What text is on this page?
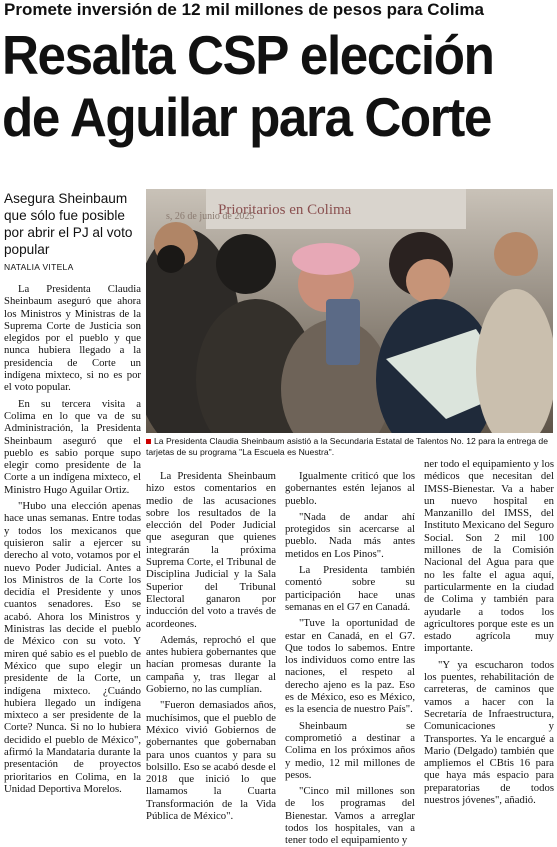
Promete inversión de 12 mil millones de pesos para Colima
Resalta CSP elección
de Aguilar para Corte
Asegura Sheinbaum que sólo fue posible por abrir el PJ al voto popular
NATALIA VITELA
Prioritarios en Colima
s, 26 de junio de 2025
La Presidenta Claudia Sheinbaum asistió a la Secundaria Estatal de Talentos No. 12 para la entrega de tarjetas de su programa "La Escuela es Nuestra".

La Presidenta Claudia Sheinbaum aseguró que ahora los Ministros y Ministras de la Suprema Corte de Justicia son elegidos por el pueblo y que nunca hubiera llegado a la presidencia de Corte un indígena mixteco, si no es por el voto popular.

En su tercera visita a Colima en lo que va de su Administración, la Presidenta Sheinbaum aseguró que el pueblo es sabio porque supo elegir como presidente de la Corte a un indígena mixteco, el Ministro Hugo Aguilar Ortiz.

"Hubo una elección apenas hace unas semanas. Entre todas y todos los mexicanos que quisieron salir a ejercer su derecho al voto, votamos por el nuevo Poder Judicial. Antes a los Ministros de la Corte los decidía el Presidente y unos cuantos senadores. Eso se acabó. Ahora los Ministros y Ministras las decide el pueblo de México con su voto. Y miren qué sabio es el pueblo de México que supo elegir un presidente de la Corte, un indígena mixteco. ¿Cuándo hubiera llegado un indígena mixteco a ser presidente de la Corte? Nunca. Si no lo hubiera decidido el pueblo de México", afirmó la Mandataria durante la presentación de proyectos prioritarios en Colima, en la Unidad Deportiva Morelos.

La Presidenta Sheinbaum hizo estos comentarios en medio de las acusaciones sobre los resultados de la elección del Poder Judicial que aseguran que quienes integrarán la próxima Suprema Corte, el Tribunal de Disciplina Judicial y la Sala Superior del Tribunal Electoral ganaron por inducción del voto a través de acordeones.

Además, reprochó el que antes hubiera gobernantes que hacían promesas durante la campaña y, tras llegar al Gobierno, no las cumplían.

"Fueron demasiados años, muchísimos, que el pueblo de México vivió Gobiernos de gobernantes que gobernaban para unos cuantos y para su bolsillo. Eso se acabó desde el 2018 que inició lo que llamamos la Cuarta Transformación de la Vida Pública de México".

Igualmente criticó que los gobernantes estén lejanos al pueblo.

"Nada de andar ahí protegidos sin acercarse al pueblo. Nada más antes metidos en Los Pinos".

La Presidenta también comentó sobre su participación hace unas semanas en el G7 en Canadá.

"Tuve la oportunidad de estar en Canadá, en el G7. Que todos lo sabemos. Entre los individuos como entre las naciones, el respeto al derecho ajeno es la paz. Eso es de México, eso es México, es la esencia de nuestro País".

Sheinbaum se comprometió a destinar a Colima en los próximos años y medio, 12 mil millones de pesos.

"Cinco mil millones son de los programas del Bienestar. Vamos a arreglar todos los hospitales, van a tener todo el equipamiento y

ner todo el equipamiento y los médicos que necesitan del IMSS-Bienestar. Va a haber un nuevo hospital en Manzanillo del IMSS, del Instituto Mexicano del Seguro Social. Son 2 mil 100 millones de la Comisión Nacional del Agua para que no les falte el agua aquí, particularmente en la ciudad de Colima y también para ayudarle a todos los agricultores porque este es un estado agrícola muy importante.

"Y ya escucharon todos los puentes, rehabilitación de carreteras, de caminos que vamos a hacer con la Secretaría de Infraestructura, Comunicaciones y Transportes. Ya le encargué a Mario (Delgado) también que ampliemos el CBtis 16 para que haya más espacio para preparatorias de todos nuestros jóvenes", añadió.
